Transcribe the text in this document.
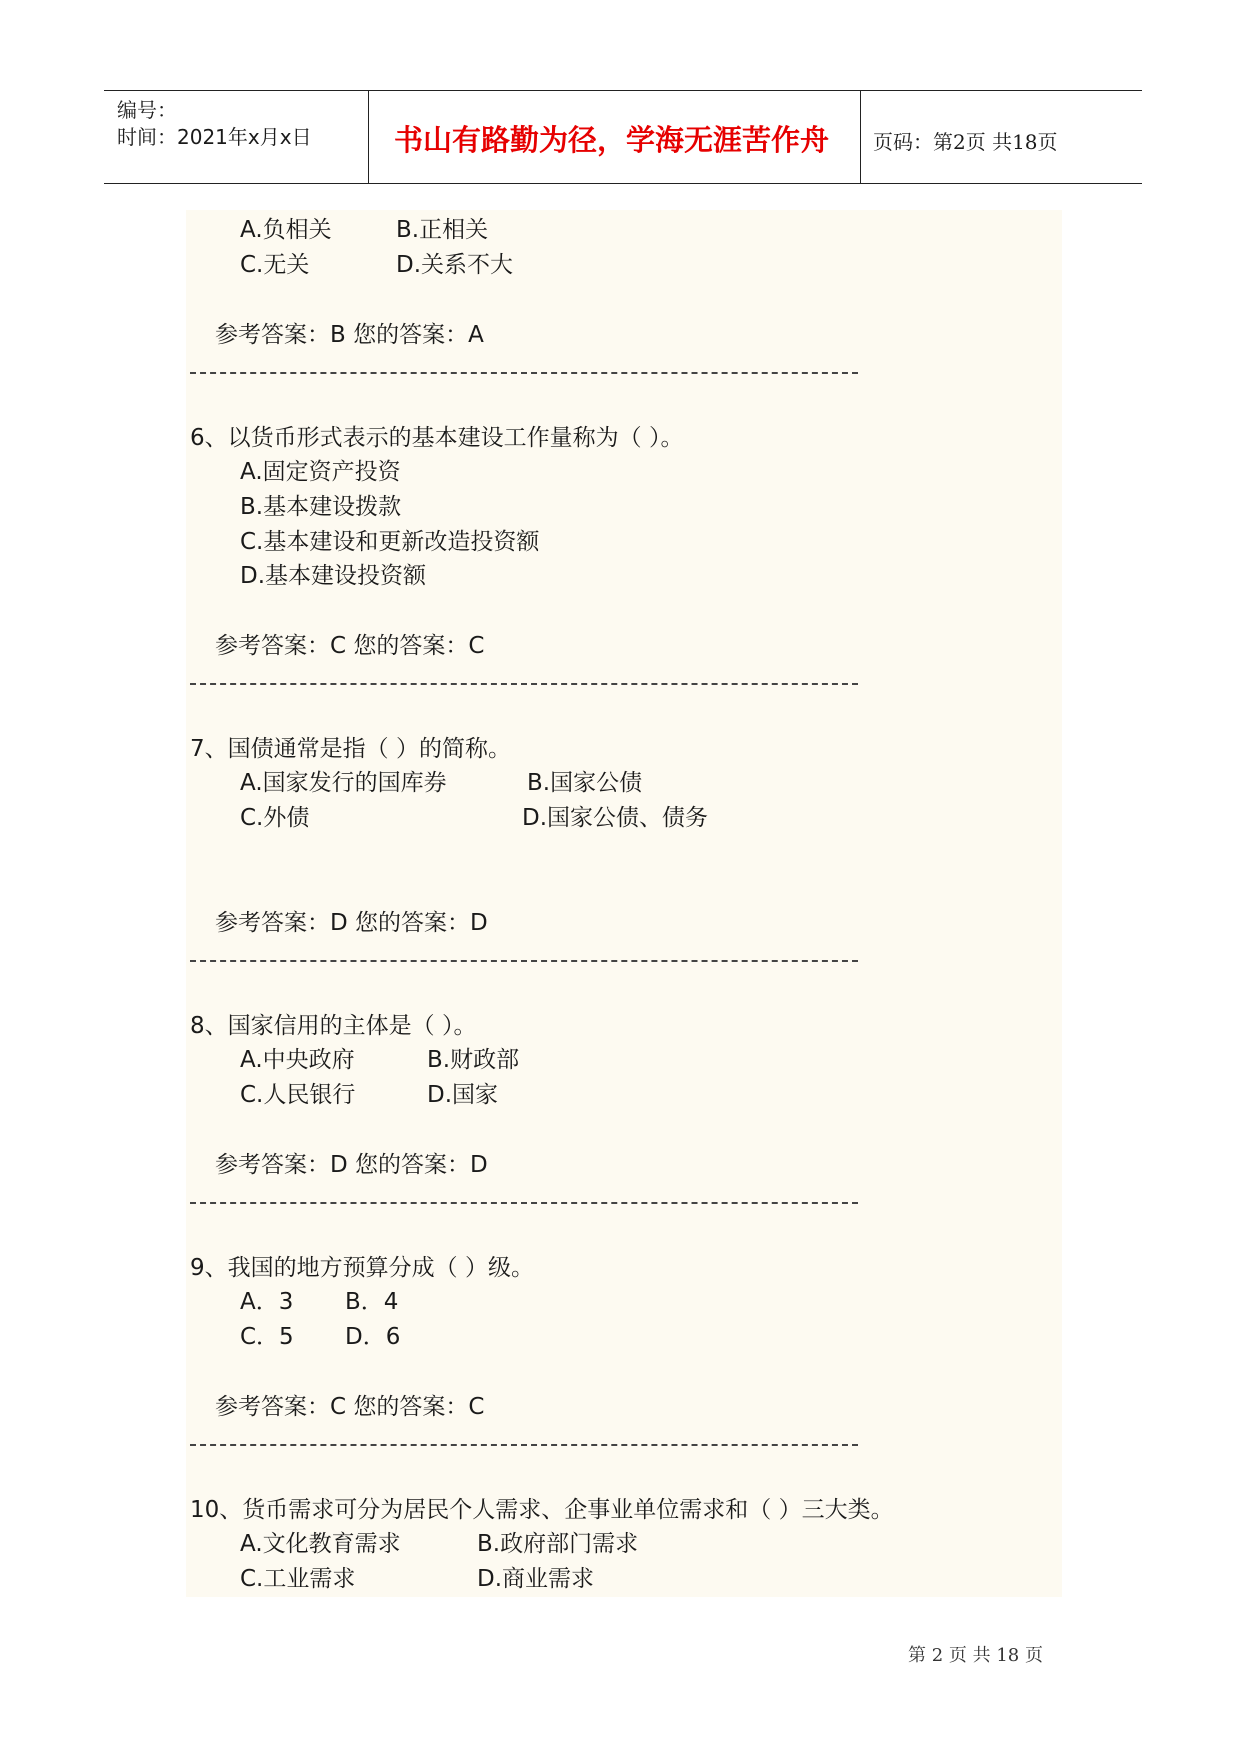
编号：
时间：2021年x月x日	书山有路勤为径，学海无涯苦作舟 页码：第2页 共18页
A.负相关	B.正相关
C.无关	D.关系不大
参考答案：B 您的答案：A
6、以货币形式表示的基本建设工作量称为（ ）。
A.固定资产投资
B.基本建设拨款
C.基本建设和更新改造投资额
D.基本建设投资额
参考答案：C 您的答案：C
7、国债通常是指（ ）的简称。
A.国家发行的国库券	B.国家公债
C.外债	D.国家公债、债务
参考答案：D 您的答案：D
8、国家信用的主体是（ ）。
A.中央政府	B.财政部
C.人民银行	D.国家
参考答案：D 您的答案：D
9、我国的地方预算分成（ ）级。
A．3 B．4
C．5 D．6
参考答案：C 您的答案：C
10、货币需求可分为居民个人需求、企事业单位需求和（ ）三大类。
A.文化教育需求	B.政府部门需求
C.工业需求	D.商业需求
第 2 页 共 18 页
